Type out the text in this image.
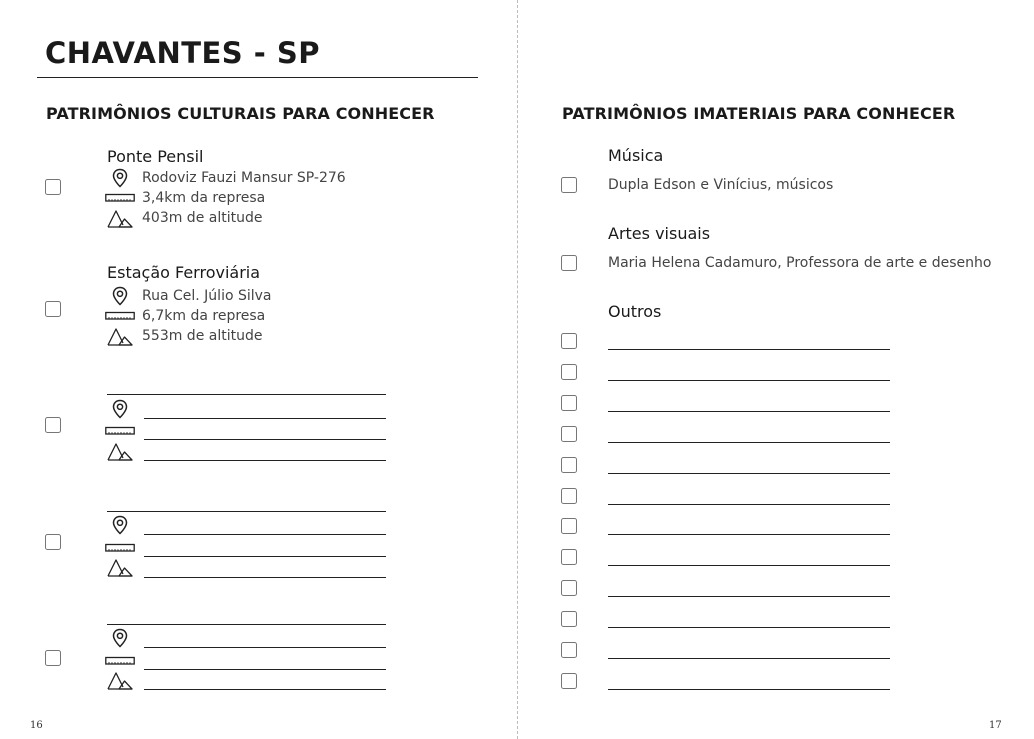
CHAVANTES - SP
PATRIMÔNIOS CULTURAIS PARA CONHECER
Ponte Pensil
Rodoviz Fauzi Mansur SP-276
3,4km da represa
403m de altitude
Estação Ferroviária
Rua Cel. Júlio Silva
6,7km da represa
553m de altitude
16
PATRIMÔNIOS IMATERIAIS PARA CONHECER
Música
Dupla Edson e Vinícius, músicos
Artes visuais
Maria Helena Cadamuro, Professora de arte e desenho
Outros
17
